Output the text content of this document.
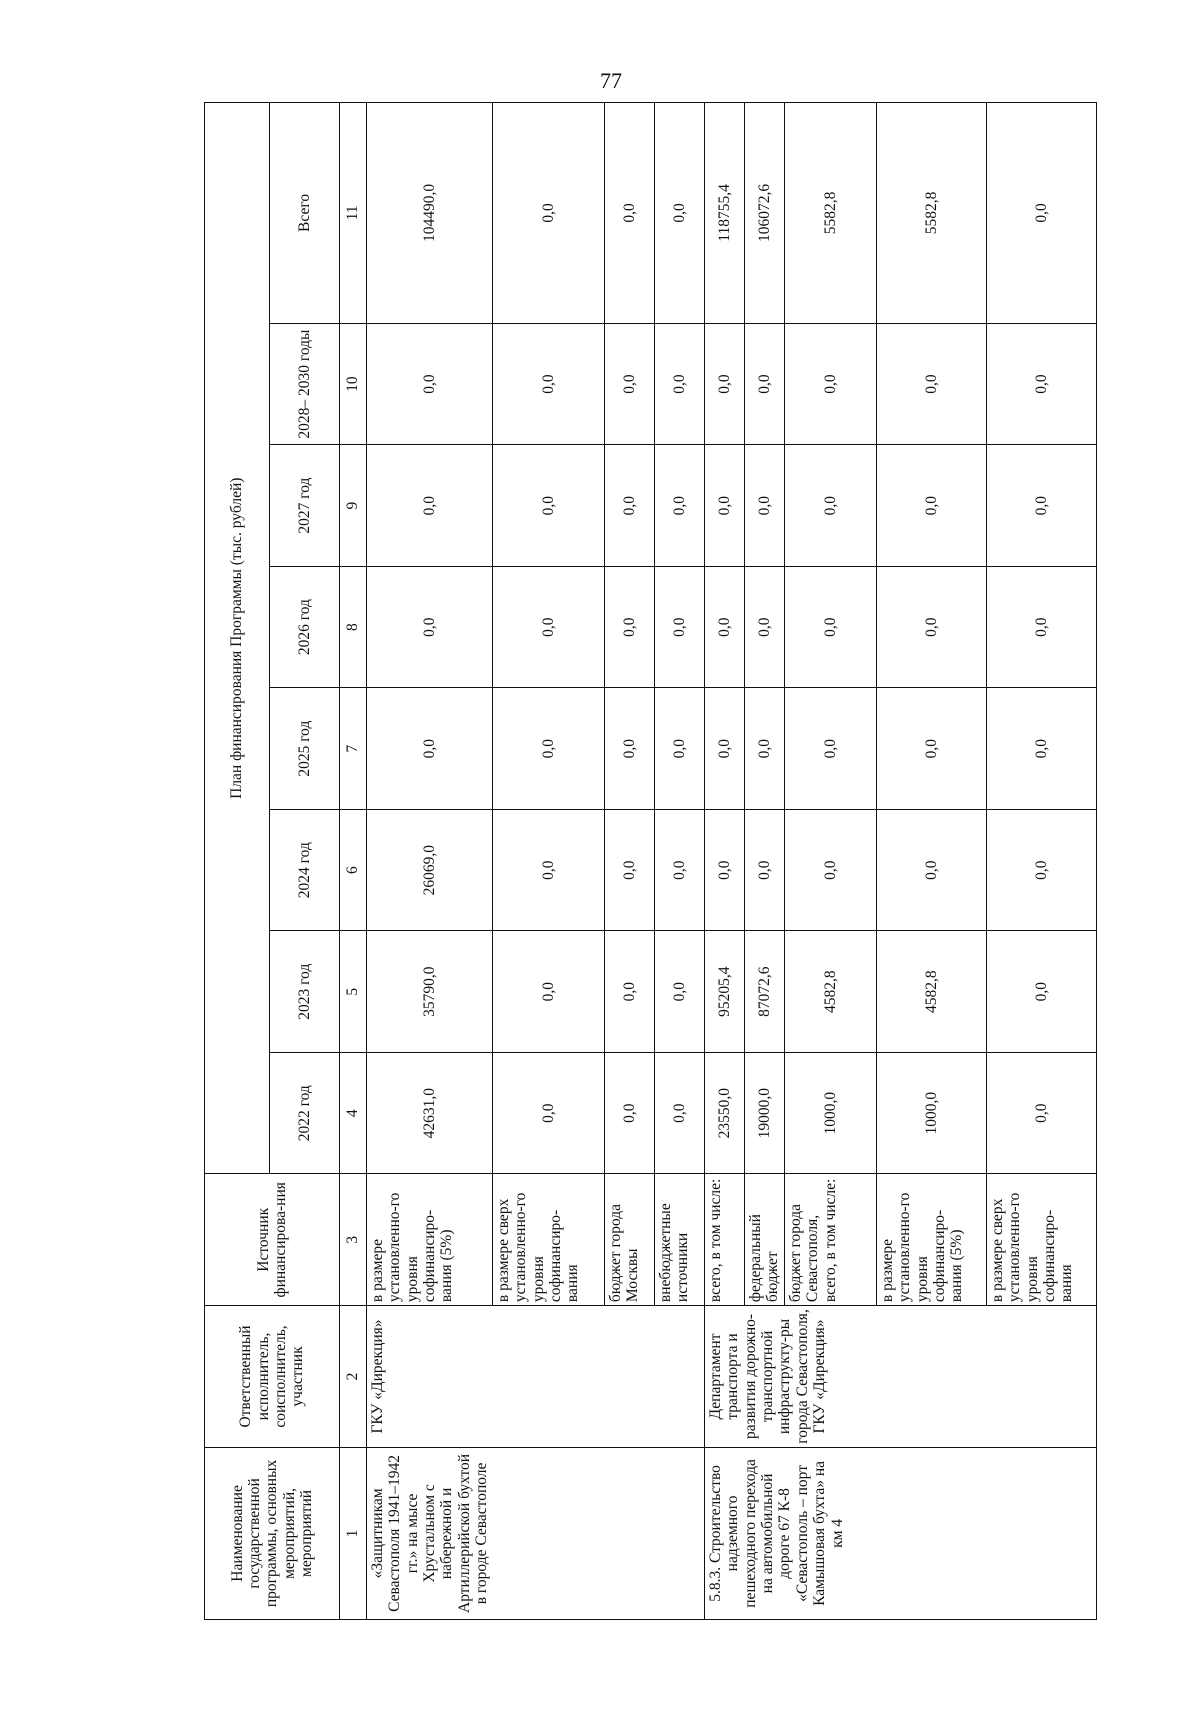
77
Наименование государственной программы, основных мероприятий, мероприятий	Ответственный исполнитель, соисполнитель, участник	Источник финансирова-ния	План финансирования Программы (тыс. рублей)							
			2022 год	2023 год	2024 год	2025 год	2026 год	2027 год	2028– 2030 годы	Всего
1	2	3	4	5	6	7	8	9	10	11
«Защитникам Севастополя 1941–1942 гг.» на мысе Хрустальном с набережной и Артиллерийской бухтой в городе Севастополе	ГКУ «Дирекция»	в размере установленно-го уровня софинансиро-вания (5%)	42631,0	35790,0	26069,0	0,0	0,0	0,0	0,0	104490,0
		в размере сверх установленно-го уровня софинансиро-вания	0,0	0,0	0,0	0,0	0,0	0,0	0,0	0,0
		бюджет города Москвы	0,0	0,0	0,0	0,0	0,0	0,0	0,0	0,0
		внебюджетные источники	0,0	0,0	0,0	0,0	0,0	0,0	0,0	0,0
5.8.3. Строительство надземного пешеходного перехода на автомобильной дороге 67 К-8 «Севастополь – порт Камышовая бухта» на км 4	Департамент транспорта и развития дорожно-транспортной инфраструкту-ры города Севастополя, ГКУ «Дирекция»	всего, в том числе:	23550,0	95205,4	0,0	0,0	0,0	0,0	0,0	118755,4
		федеральный бюджет	19000,0	87072,6	0,0	0,0	0,0	0,0	0,0	106072,6
		бюджет города Севастополя, всего, в том числе:	1000,0	4582,8	0,0	0,0	0,0	0,0	0,0	5582,8
		в размере установленно-го уровня софинансиро-вания (5%)	1000,0	4582,8	0,0	0,0	0,0	0,0	0,0	5582,8
		в размере сверх установленно-го уровня софинансиро-вания	0,0	0,0	0,0	0,0	0,0	0,0	0,0	0,0
